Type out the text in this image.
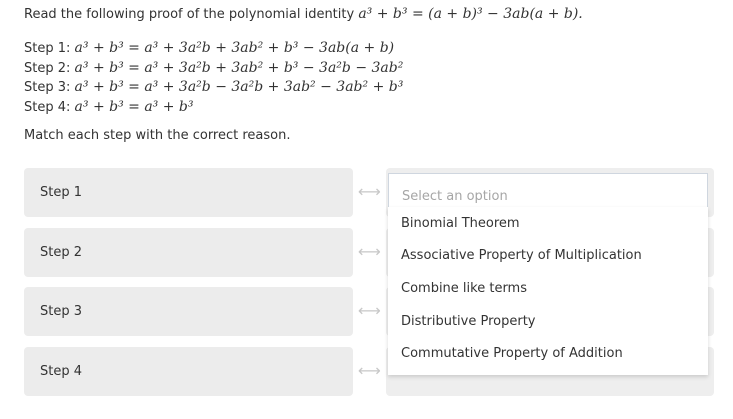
Read the following proof of the polynomial identity a³ + b³ = (a + b)³ − 3ab(a + b).
Step 1: a³ + b³ = a³ + 3a²b + 3ab² + b³ − 3ab(a + b)
Step 2: a³ + b³ = a³ + 3a²b + 3ab² + b³ − 3a²b − 3ab²
Step 3: a³ + b³ = a³ + 3a²b − 3a²b + 3ab² − 3ab² + b³
Step 4: a³ + b³ = a³ + b³
Match each step with the correct reason.
Step 1
Step 2
Step 3
Step 4
⟷
⟷
⟷
⟷
Select an option
Binomial Theorem
Associative Property of Multiplication
Combine like terms
Distributive Property
Commutative Property of Addition
